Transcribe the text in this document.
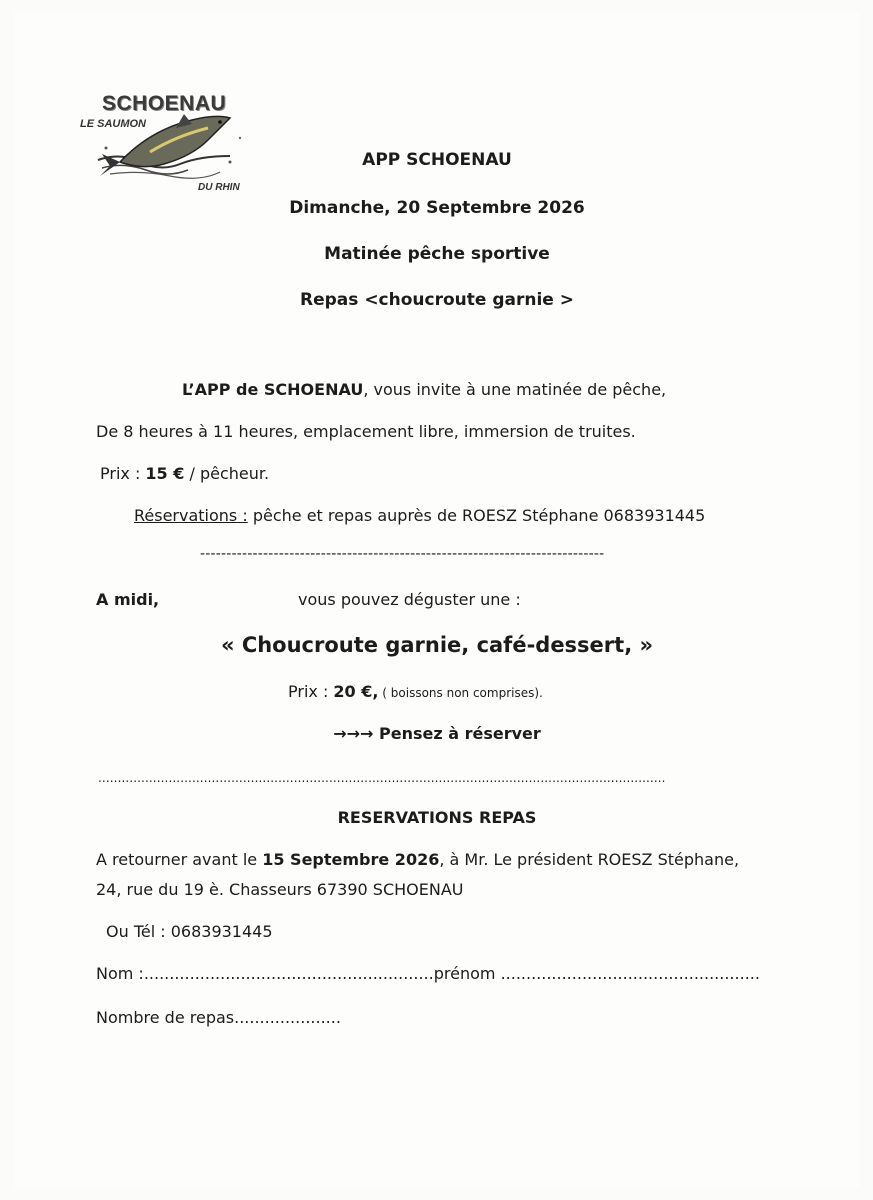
SCHOENAU
LE SAUMON
DU RHIN
APP SCHOENAU
Dimanche, 20 Septembre 2026
Matinée pêche sportive
Repas <choucroute garnie >
L’APP de SCHOENAU, vous invite à une matinée de pêche,
De 8 heures à 11 heures, emplacement libre, immersion de truites.
Prix : 15 € / pêcheur.
Réservations : pêche et repas auprès de ROESZ Stéphane 0683931445
-----------------------------------------------------------------------------
A midi,	vous pouvez déguster une :
« Choucroute garnie, café-dessert, »
Prix : 20 €, ( boissons non comprises).
→→→ Pensez à réserver
.................................................................................................................................................
RESERVATIONS REPAS
A retourner avant le 15 Septembre 2026, à Mr. Le président ROESZ Stéphane,
24, rue du 19 è. Chasseurs 67390 SCHOENAU
Ou Tél : 0683931445
Nom :.........................................................prénom ...................................................
Nombre de repas.....................
